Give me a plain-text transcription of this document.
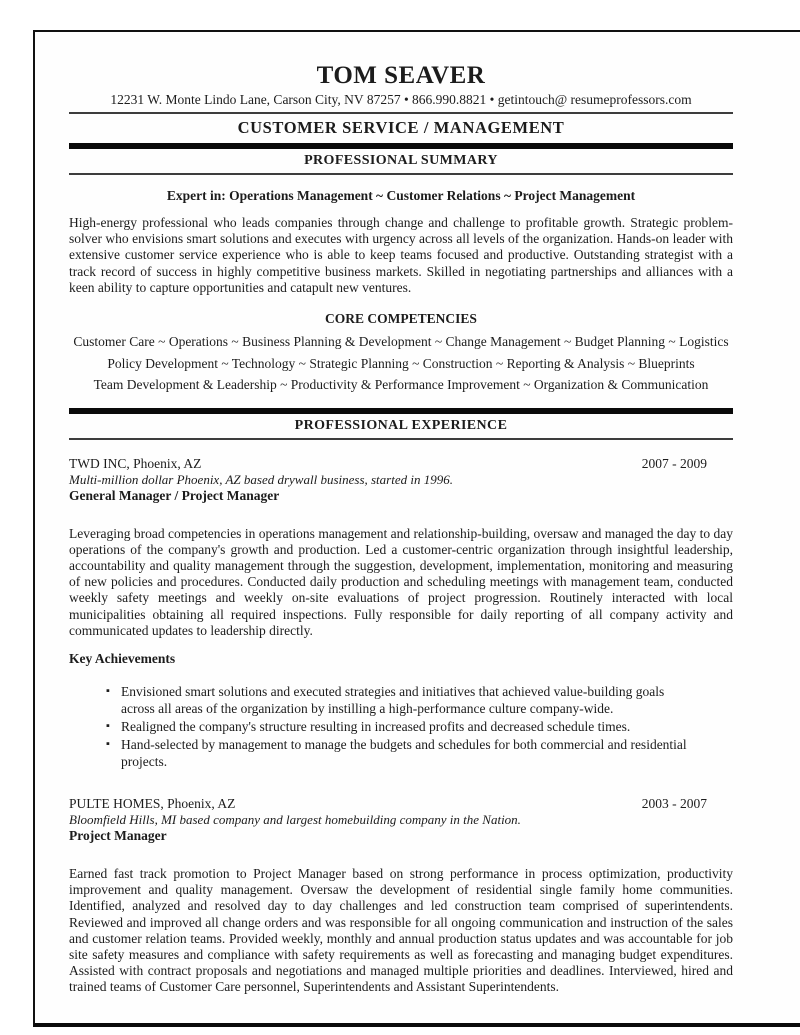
TOM SEAVER
12231 W. Monte Lindo Lane, Carson City, NV 87257 • 866.990.8821 • getintouch@ resumeprofessors.com
CUSTOMER SERVICE / MANAGEMENT
PROFESSIONAL SUMMARY
Expert in: Operations Management ~ Customer Relations ~ Project Management

High-energy professional who leads companies through change and challenge to profitable growth. Strategic problem-solver who envisions smart solutions and executes with urgency across all levels of the organization. Hands-on leader with extensive customer service experience who is able to keep teams focused and productive. Outstanding strategist with a track record of success in highly competitive business markets. Skilled in negotiating partnerships and alliances with a keen ability to capture opportunities and catapult new ventures.

CORE COMPETENCIES

Customer Care ~ Operations ~ Business Planning & Development ~ Change Management ~ Budget Planning ~ Logistics

Policy Development ~ Technology ~ Strategic Planning ~ Construction ~ Reporting & Analysis ~ Blueprints

Team Development & Leadership ~ Productivity & Performance Improvement ~ Organization & Communication

PROFESSIONAL EXPERIENCE
TWD INC, Phoenix, AZ	2007 - 2009
Multi-million dollar Phoenix, AZ based drywall business, started in 1996.
General Manager / Project Manager

Leveraging broad competencies in operations management and relationship-building, oversaw and managed the day to day operations of the company's growth and production. Led a customer-centric organization through insightful leadership, accountability and quality management through the suggestion, development, implementation, monitoring and measuring of new policies and procedures. Conducted daily production and scheduling meetings with management team, conducted weekly safety meetings and weekly on-site evaluations of project progression. Routinely interacted with local municipalities obtaining all required inspections. Fully responsible for daily reporting of all company activity and communicated updates to leadership directly.

Key Achievements
▪ Envisioned smart solutions and executed strategies and initiatives that achieved value-building goals across all areas of the organization by instilling a high-performance culture company-wide.
▪ Realigned the company's structure resulting in increased profits and decreased schedule times.
▪ Hand-selected by management to manage the budgets and schedules for both commercial and residential projects.
PULTE HOMES, Phoenix, AZ	2003 - 2007
Bloomfield Hills, MI based company and largest homebuilding company in the Nation.
Project Manager

Earned fast track promotion to Project Manager based on strong performance in process optimization, productivity improvement and quality management. Oversaw the development of residential single family home communities. Identified, analyzed and resolved day to day challenges and led construction team comprised of superintendents. Reviewed and improved all change orders and was responsible for all ongoing communication and instruction of the sales and customer relation teams. Provided weekly, monthly and annual production status updates and was accountable for job site safety measures and compliance with safety requirements as well as forecasting and managing budget expenditures. Assisted with contract proposals and negotiations and managed multiple priorities and deadlines. Interviewed, hired and trained teams of Customer Care personnel, Superintendents and Assistant Superintendents.
